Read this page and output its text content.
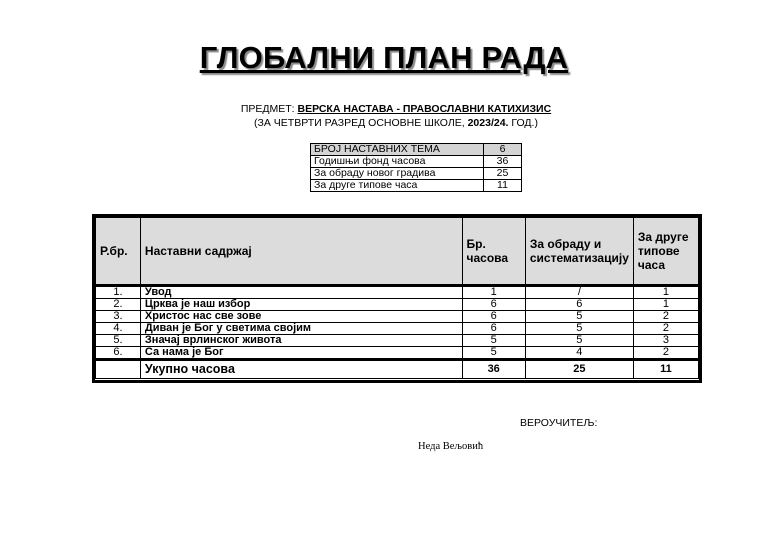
ГЛОБАЛНИ ПЛАН РАДА
ПРЕДМЕТ: ВЕРСКА НАСТАВА - ПРАВОСЛАВНИ КАТИХИЗИС
(ЗА ЧЕТВРТИ РАЗРЕД ОСНОВНЕ ШКОЛЕ, 2023/24. ГОД.)
БРОЈ НАСТАВНИХ ТЕМА	6
Годишњи фонд часова	36
За обраду новог градива	25
За друге типове часа	11
Р.бр.	Наставни садржај	Бр. часова	За обраду и систематизацију	За друге типове часа
1.	Увод	1	/	1
2.	Црква је наш избор	6	6	1
3.	Христос нас све зове	6	5	2
4.	Диван је Бог у светима својим	6	5	2
5.	Значај врлинског живота	5	5	3
6.	Са нама је Бог	5	4	2
	Укупно часова	36	25	11
ВЕРОУЧИТЕЉ:
Неда Вељовић
